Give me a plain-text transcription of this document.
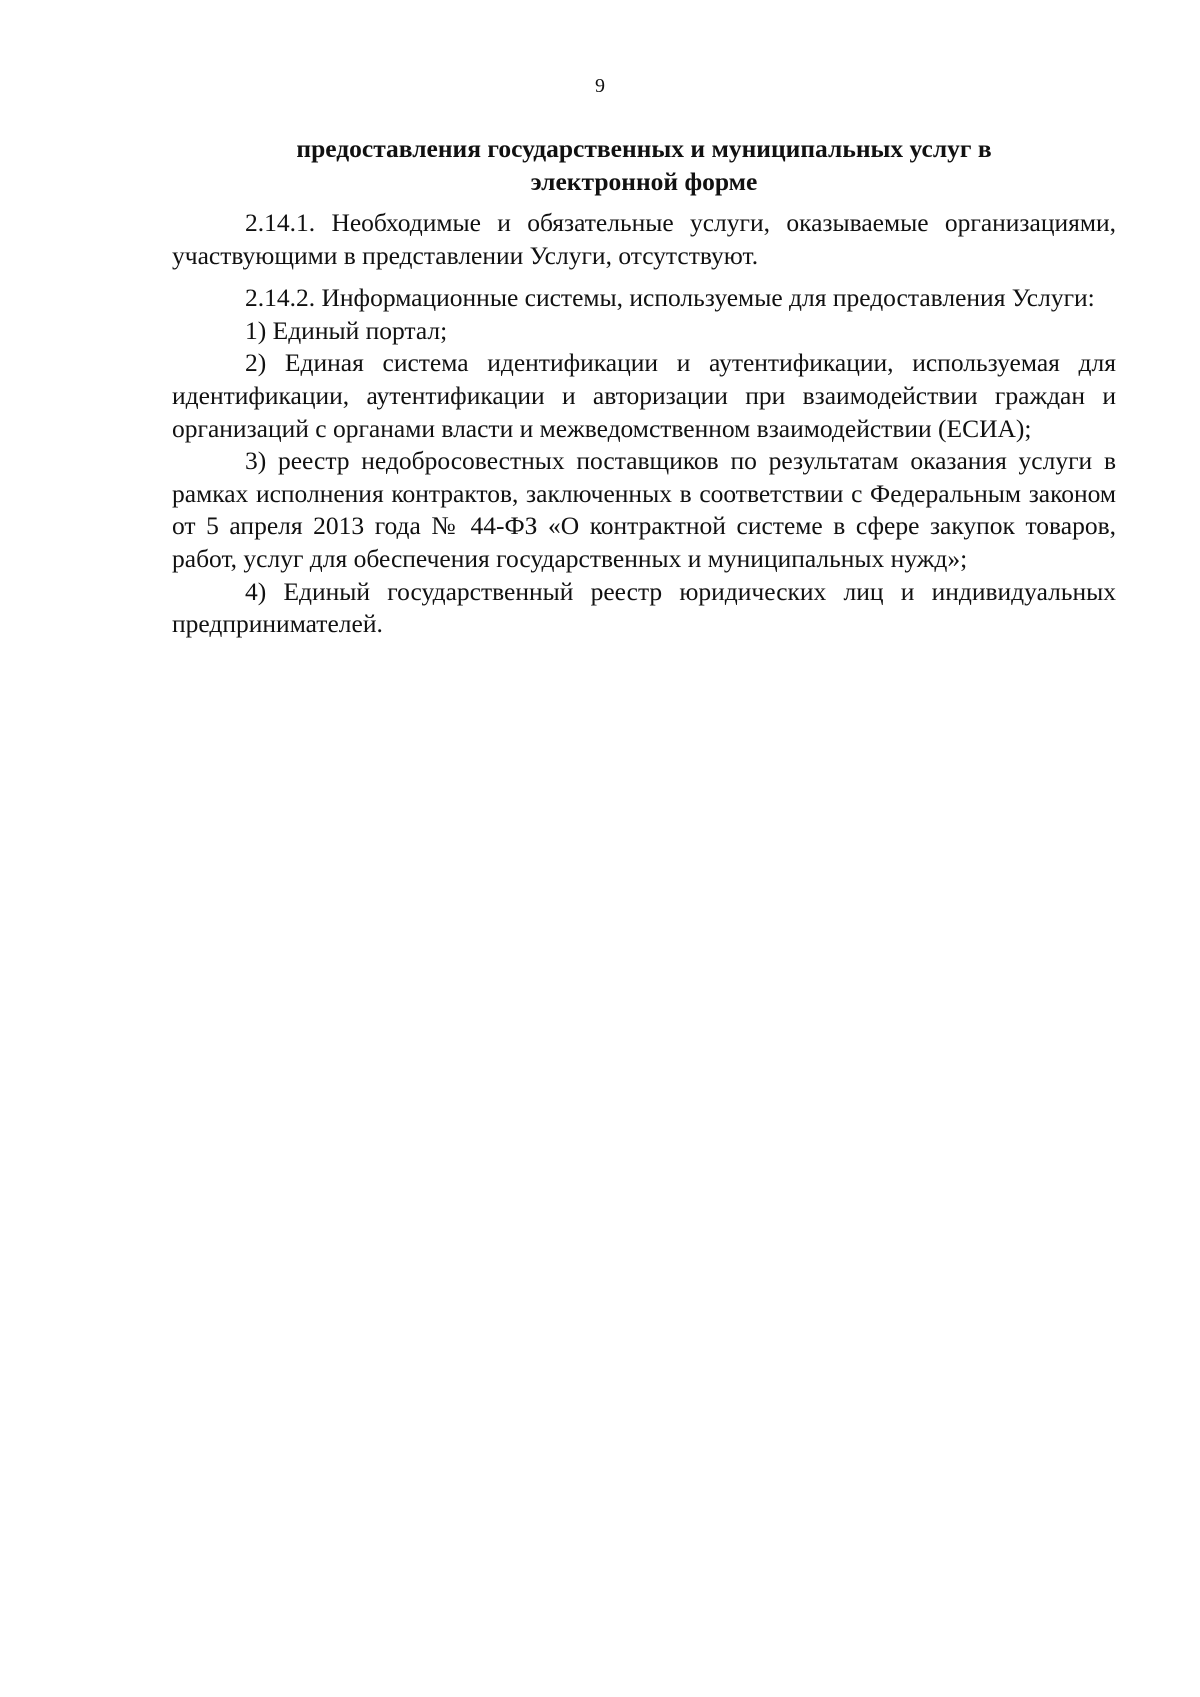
9
предоставления государственных и муниципальных услуг в
электронной форме

2.14.1. Необходимые и обязательные услуги, оказываемые организациями, участвующими в представлении Услуги, отсутствуют.

2.14.2. Информационные системы, используемые для предоставления Услуги:

1) Единый портал;

2) Единая система идентификации и аутентификации, используемая для идентификации, аутентификации и авторизации при взаимодействии граждан и организаций с органами власти и межведомственном взаимодействии (ЕСИА);

3) реестр недобросовестных поставщиков по результатам оказания услуги в рамках исполнения контрактов, заключенных в соответствии с Федеральным законом от 5 апреля 2013 года № 44-ФЗ «О контрактной системе в сфере закупок товаров, работ, услуг для обеспечения государственных и муниципальных нужд»;

4) Единый государственный реестр юридических лиц и индивидуальных предпринимателей.
